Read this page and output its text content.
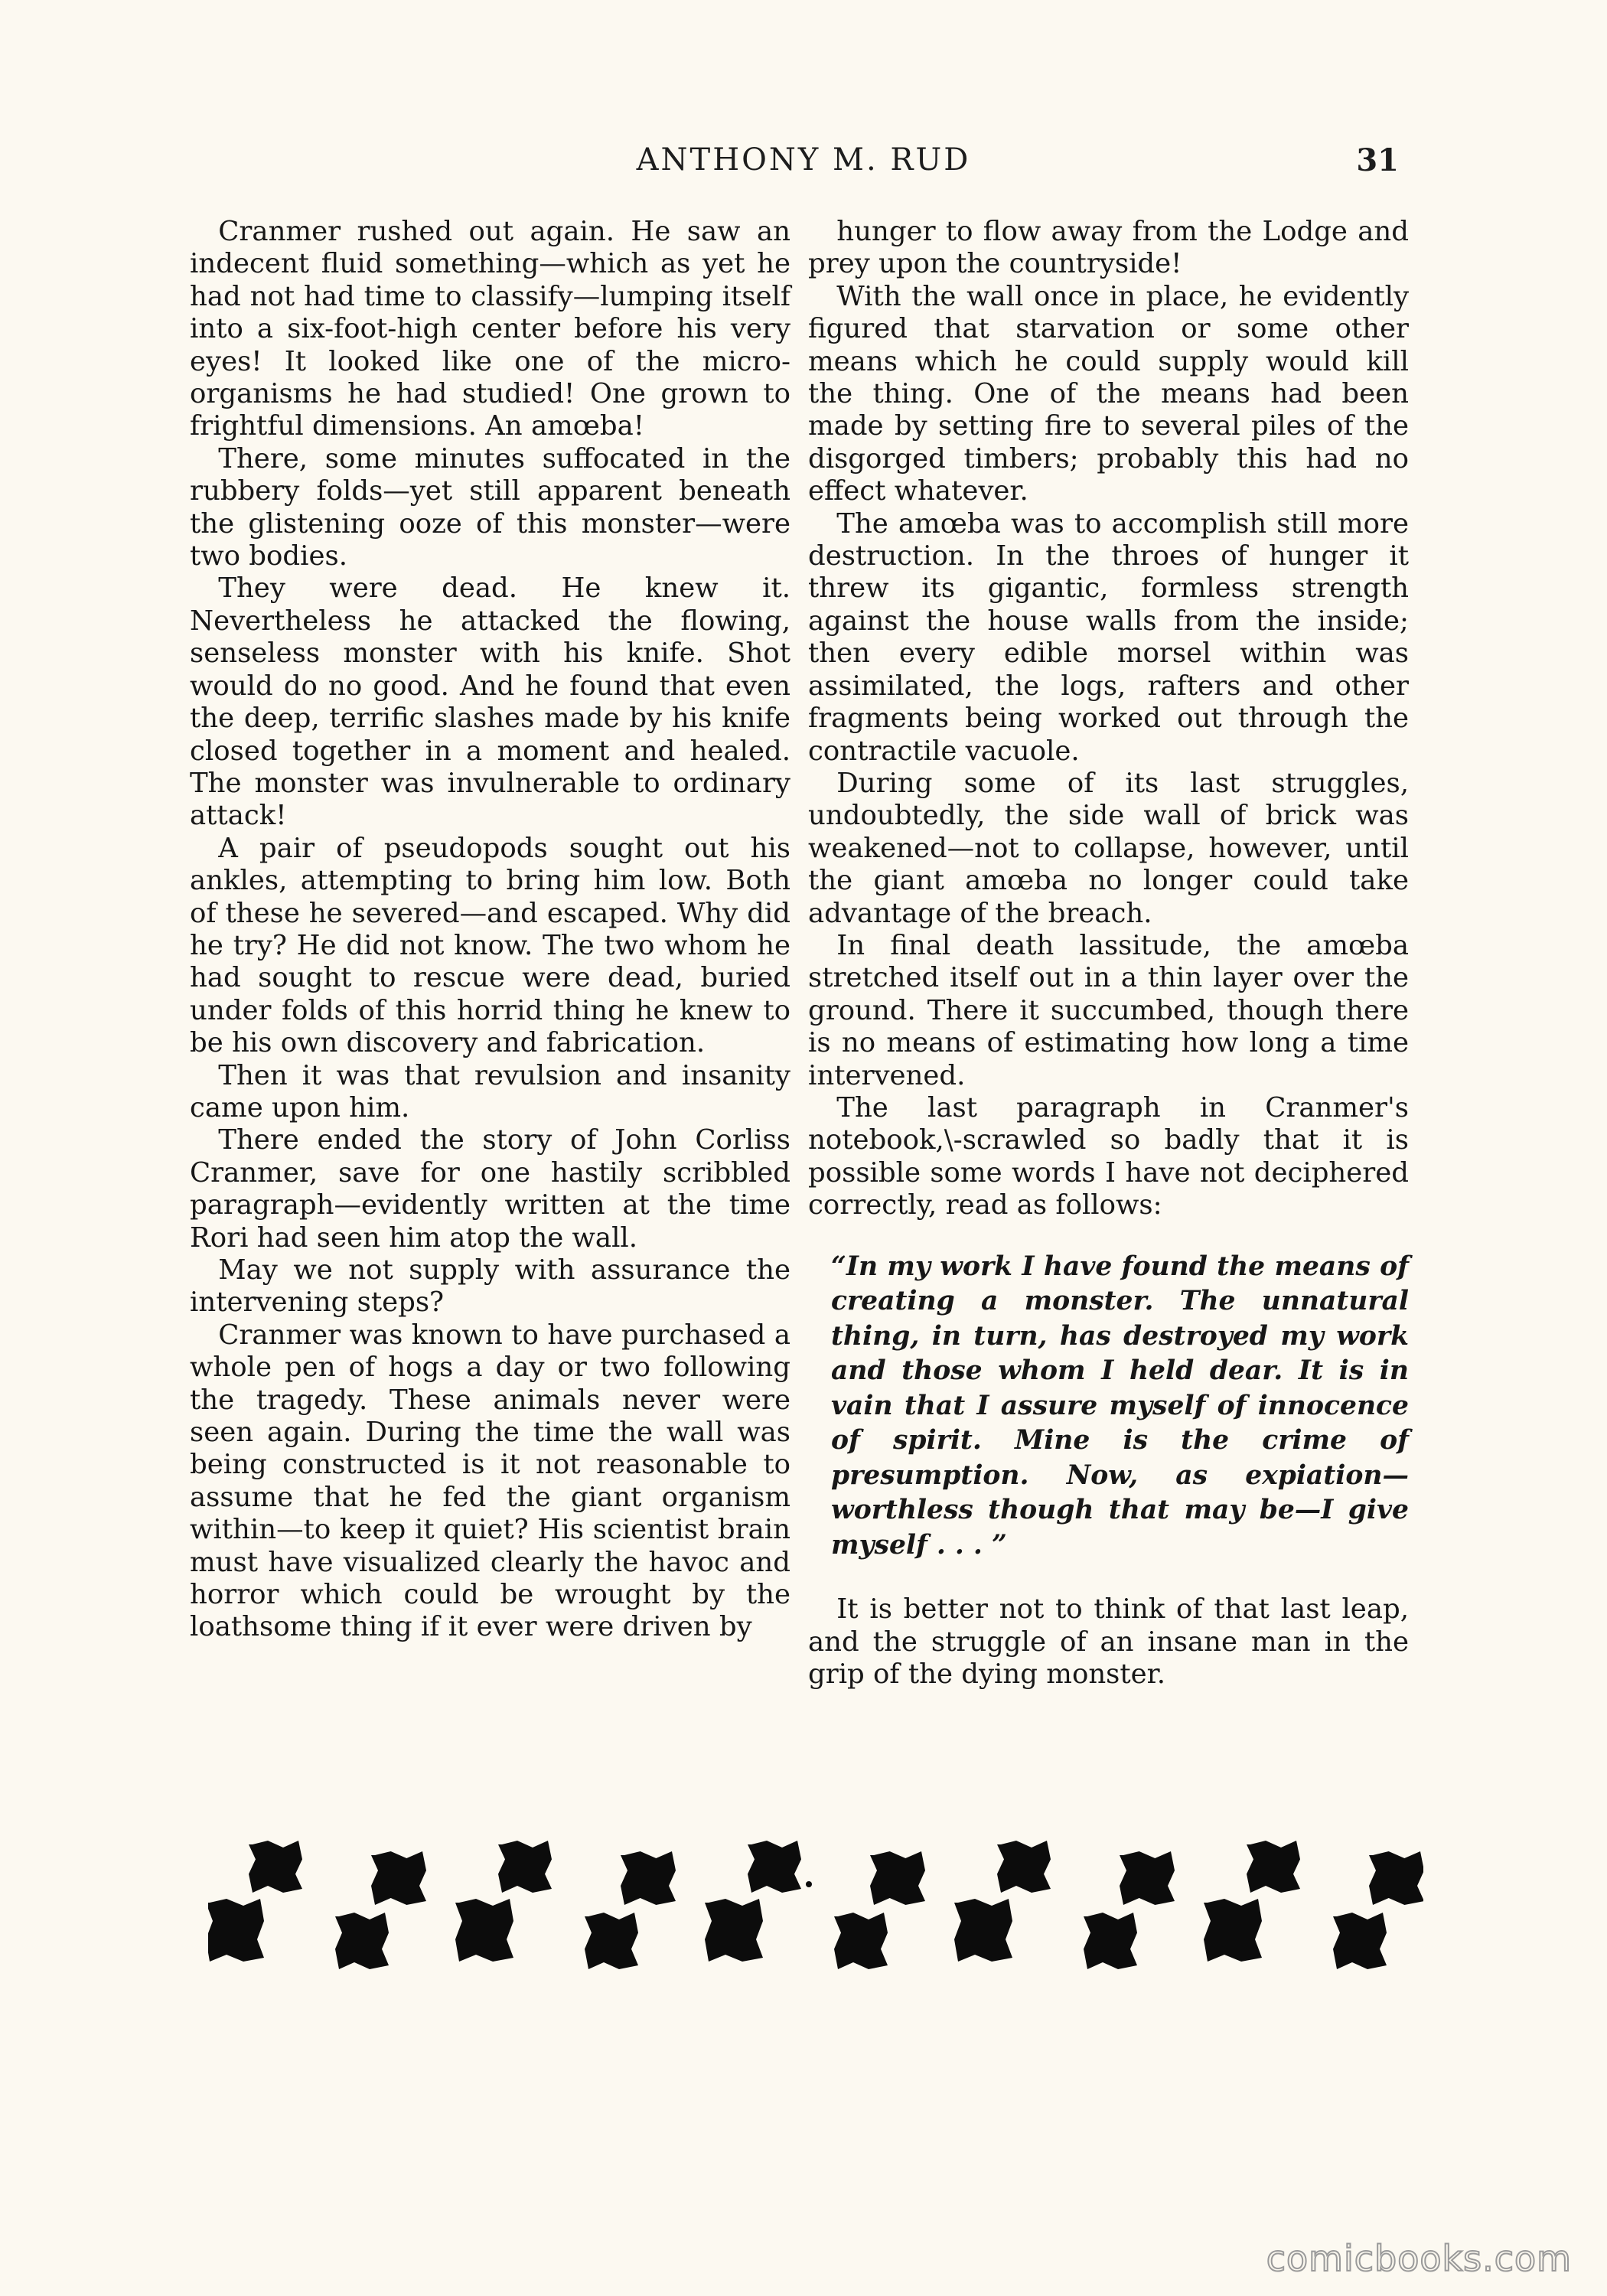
ANTHONY M. RUD	31

Cranmer rushed out again. He saw an indecent fluid something—which as yet he had not had time to classify—lumping itself into a six-foot-high center before his very eyes! It looked like one of the micro-organisms he had studied! One grown to frightful dimensions. An amœba!

There, some minutes suffocated in the rubbery folds—yet still apparent beneath the glistening ooze of this monster—were two bodies.

They were dead. He knew it. Nevertheless he attacked the flowing, senseless monster with his knife. Shot would do no good. And he found that even the deep, terrific slashes made by his knife closed together in a moment and healed. The monster was invulnerable to ordinary attack!

A pair of pseudopods sought out his ankles, attempting to bring him low. Both of these he severed—and escaped. Why did he try? He did not know. The two whom he had sought to rescue were dead, buried under folds of this horrid thing he knew to be his own discovery and fabrication.

Then it was that revulsion and insanity came upon him.

There ended the story of John Corliss Cranmer, save for one hastily scribbled paragraph—evidently written at the time Rori had seen him atop the wall.

May we not supply with assurance the intervening steps?

Cranmer was known to have purchased a whole pen of hogs a day or two following the tragedy. These animals never were seen again. During the time the wall was being constructed is it not reasonable to assume that he fed the giant organism within—to keep it quiet? His scientist brain must have visualized clearly the havoc and horror which could be wrought by the loathsome thing if it ever were driven by

hunger to flow away from the Lodge and prey upon the countryside!

With the wall once in place, he evidently figured that starvation or some other means which he could supply would kill the thing. One of the means had been made by setting fire to several piles of the disgorged timbers; probably this had no effect whatever.

The amœba was to accomplish still more destruction. In the throes of hunger it threw its gigantic, formless strength against the house walls from the inside; then every edible morsel within was assimilated, the logs, rafters and other fragments being worked out through the contractile vacuole.

During some of its last struggles, undoubtedly, the side wall of brick was weakened—not to collapse, however, until the giant amœba no longer could take advantage of the breach.

In final death lassitude, the amœba stretched itself out in a thin layer over the ground. There it succumbed, though there is no means of estimating how long a time intervened.

The last paragraph in Cranmer's notebook,\-scrawled so badly that it is possible some words I have not deciphered correctly, read as follows:

“In my work I have found the means of creating a monster. The unnatural thing, in turn, has destroyed my work and those whom I held dear. It is in vain that I assure myself of innocence of spirit. Mine is the crime of presumption. Now, as expiation—worthless though that may be—I give myself . . . ”

It is better not to think of that last leap, and the struggle of an insane man in the grip of the dying monster.

comicbooks.com
